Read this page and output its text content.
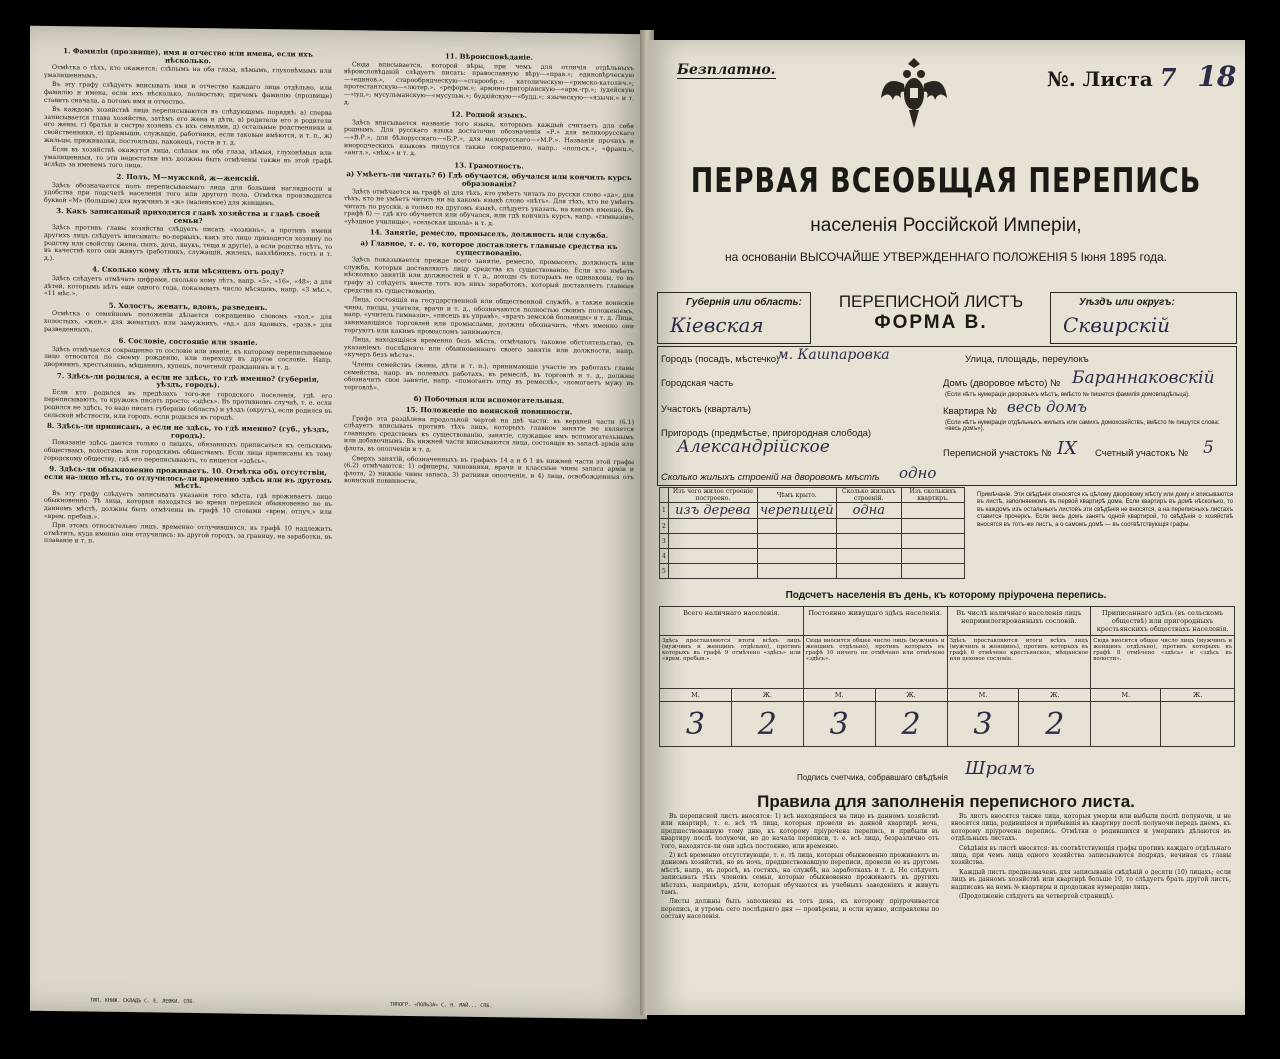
1. Фамилія (прозвище), имя и отчество или имена, если ихъ нѣсколько.

Отмѣтка о тѣхъ, кто окажется: слѣпымъ на оба глаза, нѣмымъ, глухонѣмымъ или умалишеннымъ.

Въ эту графу слѣдуетъ вписывать имя и отчество каждаго лица отдѣльно, или фамилію и имена, если ихъ нѣсколько, полностью; причемъ фамилію (прозвище) ставить сначала, а потомъ имя и отчество.

Въ каждомъ хозяйствѣ лица переписываются въ слѣдующемъ порядкѣ: а) сперва записывается глава хозяйства, затѣмъ его жена и дѣти, в) родители его и родители его жены. г) братья и сестры хозяевъ съ ихъ семьями, д) остальные родственники и свойственники, е) пріемыши, служащіе, работники, если таковые имѣются, и т. п., ж) жильцы, приживалки, постояльцы, наконецъ, гости и т. д.

Если въ хозяйствѣ окажутся лица, слѣпыя на оба глаза, нѣмыя, глухонѣмыя или умалишенныя, то эти недостатки ихъ должны быть отмѣчены также въ этой графѣ вслѣдъ за именемъ того лица.

2. Полъ, М—мужской, ж—женскій.

Здѣсь обозначается полъ переписываемаго лица для большей наглядности и удобства при подсчетѣ населенія того или другого пола. Отмѣтка производится буквой «М» (большое) для мужчинъ и «ж» (маленькое) для женщинъ.

3. Какъ записанный приходится главѣ хозяйства и главѣ своей семьи?

Здѣсь противъ главы хозяйства слѣдуетъ писать «хозяинъ», а противъ имени другихъ лицъ слѣдуетъ вписывать: во-первыхъ, какъ это лицо приходится хозяину по родству или свойству (жена, сынъ, дочь, внукъ, теща и другіе), а если родства нѣтъ, то въ качествѣ кого они живутъ (работникъ, служащій, жилецъ, нахлѣбникъ, гость и т. д.).

4. Сколько кому лѣтъ или мѣсяцевъ отъ роду?

Здѣсь слѣдуетъ отмѣчать цифрами, сколько кому лѣтъ, напр. «5», «16», «48»; а для дѣтей, которымъ нѣтъ еще одного года, показывать число мѣсяцевъ, напр. «3 мѣс.», «11 мѣс.».

5. Холостъ, женатъ, вдовъ, разведенъ.

Отмѣтка о семейномъ положеніи дѣлается сокращенно словомъ «хол.» для холостыхъ, «жен.» для женатыхъ или замужнихъ, «вд.» для вдовыхъ, «разв.» для разведенныхъ.

6. Сословіе, состояніе или званіе.

Здѣсь отмѣчается сокращенно то сословіе или званіе, къ которому переписываемое лицо относится по своему рожденію, или переходу въ другое сословіе. Напр. дворянинъ, крестьянинъ, мѣщанинъ, купецъ, почетный гражданинъ и т. д.

7. Здѣсь-ли родился, а если не здѣсь, то гдѣ именно? (губернія, уѣздъ, городъ).

Если кто родился въ предѣлахъ того-же городского поселенія, гдѣ его переписываютъ, то кружокъ писать просто: «здѣсь». Въ противномъ случаѣ, т. е. если родился не здѣсь, то надо писать губернію (область) и уѣздъ (округъ), если родился въ сельской мѣстности, или городъ, если родился въ городѣ.

8. Здѣсь-ли приписанъ, а если не здѣсь, то гдѣ именно? (губ., уѣздъ, городъ).

Показаніе здѣсь дается только о лицахъ, обязанныхъ приписаться къ сельскимъ обществамъ, волостямъ или городскимъ обществамъ. Если лица приписаны къ тому городскому обществу, гдѣ его переписываютъ, то пишется «здѣсь».

9. Здѣсь-ли обыкновенно проживаетъ. 10. Отмѣтка объ отсутствіи, если на-лицо нѣтъ, то отлучилось-ли временно здѣсь или въ другомъ мѣстѣ.

Въ эту графу слѣдуетъ записывать указанія того мѣста, гдѣ проживаетъ лицо обыкновенно. Тѣ лица, которыя находятся во время переписи обыкновенно не въ данномъ мѣстѣ, должны быть отмѣчены въ графѣ 10 словами «врем. отлуч.» или «врем. пребыв.».

При этомъ относительно лицъ, временно отлучившихся, въ графѣ 10 надлежитъ отмѣтить, куда именно они отлучились: въ другой городъ, за границу, на заработки, въ плаваніе и т. п.

11. Вѣроисповѣданіе.

Сюда вписывается, которой вѣры, при чемъ для отличія отдѣльныхъ вѣроисповѣданій слѣдуетъ писать: православную вѣру—«прав.»; единовѣрческую—«единов.», старообрядческую—«старообр.»; католическую—«римско-католич.»; протестантскую—«лютер.», «реформ.»; армяно-григоріанскую—«арм.-гр.»; іудейскую—«іуд.»; мусульманскую—«мусульм.»; буддійскую—«будд.»; языческую—«язычн.» и т. д.

12. Родной языкъ.

Здѣсь вписывается названіе того языка, которымъ каждый считаетъ для себя роднымъ. Для русскаго языка достаточно обозначенія «Р.» для великорусскаго—«В.Р.», для бѣлорусскаго—«Б.Р.», для малорусскаго—«М.Р.». Названія прочихъ и инородческихъ языковъ пишутся также сокращенно, напр.: «польск.», «франц.», «англ.», «нѣм.» и т. д.

13. Грамотность.
а) Умѣетъ-ли читать? б) Гдѣ обучается, обучался или кончилъ курсъ образованія?

Здѣсь отмѣчается вь графѣ а) для тѣхъ, кто умѣетъ читать по русски слово «да», для тѣхъ, кто не умѣетъ читать ни на какомъ языкѣ слово «нѣтъ». Для тѣхъ, кто не умѣетъ читать по русски, а только на другомъ языкѣ, слѣдуетъ указать, на какомъ именно. Въ графѣ б) — гдѣ кто обучается или обучался, или гдѣ кончилъ курсъ, напр. «гимназія», «уѣздное училище», «сельская школа» и т. д.

14. Занятіе, ремесло, промыселъ, должность или служба.
а) Главное, т. е. то, которое доставляетъ главные средства къ существованію.

Здѣсь показывается прежде всего занятіе, ремесло, промыселъ, должность или служба, которыя доставляютъ лицу средства къ существованію. Если кто имѣетъ нѣсколько занятій или должностей и т. д., доходы съ которыхъ не одинаковы, то въ графу а) слѣдуетъ внести тотъ изъ нихъ заработокъ, который доставляетъ главныя средства къ существованію.

Лица, состоящія на государственной или общественной службѣ, а также воинскіе чины, писцы, учителя, врачи и т. д., обозначаются полностью своимъ положеніемъ, напр. «учитель гимназіи», «писецъ въ управѣ», «врачъ земской больницы» и т. д. Лица, занимающіяся торговлей или промыслами, должны обозначить, чѣмъ именно они торгуютъ или какимъ промысломъ занимаются.

Лица, находящіяся временно безъ мѣста, отмѣчаютъ таковое обстоятельство, съ указаніемъ послѣдняго или обыкновеннаго своего занятія или должности, напр. «кучеръ безъ мѣста».

Члены семействъ (жены, дѣти и т. п.), принимающіе участіе въ работахъ главы семейства, напр. въ полевыхъ работахъ, въ ремеслѣ, въ торговлѣ и т. д., должны обозначить свое занятіе, напр. «помогаетъ отцу въ ремеслѣ», «помогаетъ мужу въ торговлѣ».

б) Побочныя или вспомогательныя.
15. Положеніе по воинской повинности.

Графа эта раздѣлена продольной чертой на двѣ части: въ верхней части (6.1) слѣдуетъ вписывать противъ тѣхъ лицъ, которыхъ главное занятіе не является главнымъ средствомъ къ существованію, занятіе, служащее имъ вспомогательнымъ или добавочнымъ. Въ нижней части вписываются лица, состоящія въ запасѣ армiи или флота, въ ополченіи и т. д.

Сверхъ занятій, обозначенныхъ въ графахъ 14 а и б 1 въ нижней части этой графы (6.2) отмѣчаются: 1) офицеры, чиновники, врачи и классные чины запаса арміи и флота, 2) нижніе чины запаса, 3) ратники ополченія, и 4) лица, освобожденныя отъ воинской повинности.

ТИП. КНИЖ. СКЛАДЪ С. Е. ЛЕВКИ. СПБ.
ТИПОГР. «ПОЛЬЗА» С. Н. МАЙ... СПБ.
Безплатно.	№. Листа 7 18
ПЕРВАЯ ВСЕОБЩАЯ ПЕРЕПИСЬ
населенія Россійской Имперіи,
на основаніи ВЫСОЧАЙШЕ УТВЕРЖДЕННАГО ПОЛОЖЕНІЯ 5 Іюня 1895 года.
Губернія или область:
Кіевская
ПЕРЕПИСНОЙ ЛИСТЪ
ФОРМА В.
Уѣздъ или округъ:
Сквирскій
Городъ (посадъ, мѣстечко)
м. Кашпаровка	Улица, площадь, переулокъ
Городская часть	Домъ (дворовое мѣсто) № Бараннаковскій
(Если нѣтъ нумераціи дворовыхъ мѣстъ, вмѣсто № пишется фамилія домовладѣльца).
Участокъ (кварталъ)	Квартира № весь домъ
(Если нѣтъ нумераціи отдѣльныхъ жилыхъ или самихъ домохозяйствъ, вмѣсто № пишутся слова: «весь домъ»).
Пригородъ (предмѣстье, пригородная слобода)
Александрійское	Переписной участокъ № IX Счетный участокъ № 5
Сколько жилыхъ строеній на дворовомъ мѣстѣ одно
	Изъ чего жилое строеніе построено.	Чѣмъ крыто.	Сколько жилыхъ строеній.	Изъ сколькихъ квартиръ.
1	изъ дерева	черепицей	одна	
2				
3				
4				
5				
Примѣчаніе. Эти свѣдѣнія относятся къ цѣлому дворовому мѣсту или дому и вписываются въ листѣ, заполняемомъ въ первой квартирѣ дома. Если квартиръ въ домѣ нѣсколько, то въ каждомъ изъ остальныхъ листовъ эти свѣдѣнія не вносятся, а на переписныхъ листахъ ставится прочеркъ. Если весь домъ занятъ одной квартирой, то свѣдѣнія о хозяйствѣ вносятся въ тотъ-же листъ, а о самомъ домѣ — въ соотвѣтствующія графы.
Подсчетъ населенія въ день, къ которому пріурочена перепись.
Всего наличнаго населенія.		Постоянно живущаго здѣсь населенія.		Въ числѣ наличнаго населенія лицъ непривилегированныхъ сословій.		Приписаннаго здѣсь (въ сельскомъ обществѣ) или пригородныхъ крестьянскихъ обществахъ населенія.	
Здѣсь проставляются итоги всѣхъ лицъ (мужчинъ и женщинъ отдѣльно), противъ которыхъ въ графѣ 9 отмѣчено «здѣсь» или «врем. пребыв.».		Сюда вносится общее число лицъ (мужчинъ и женщинъ отдѣльно), противъ которыхъ въ графѣ 10 ничего не отмѣчено или отмѣчено «здѣсь».		Здѣсь проставляются итоги всѣхъ лицъ (мужчинъ и женщинъ), противъ которыхъ въ графѣ 6 отмѣчено крестьянское, мѣщанское или цеховое сословіе.		Сюда вносится общее число лицъ (мужчинъ и женщинъ отдѣльно), противъ которыхъ въ графѣ 8 отмѣчено «здѣсь» и «здѣсь въ волости».	
М.	Ж.	М.	Ж.	М.	Ж.	М.	Ж.
3	2	3	2	3	2		
Подпись счетчика, собравшаго свѣдѣнія Шрамъ
Правила для заполненія переписного листа.

Въ переписной листъ вносятся: 1) всѣ находящіеся на лицо въ данномъ хозяйствѣ или квартирѣ, т. е. всѣ тѣ лица, которыя провели въ данной квартирѣ ночь, предшествовавшую тому дню, къ которому пріурочена перепись, и прибыли въ квартиру послѣ полуночи, но до начала переписи, т. е. всѣ лица, безразлично отъ того, находятся-ли они здѣсь постоянно, или временно.

2) всѣ временно отсутствующіе, т. е. тѣ лица, которыя обыкновенно проживаютъ въ данномъ хозяйствѣ, но въ ночь, предшествовавшую переписи, провели ее въ другомъ мѣстѣ, напр., въ дорогѣ, въ гостяхъ, на службѣ, на заработкахъ и т. д. Не слѣдуетъ записывать тѣхъ членовъ семьи, которые обыкновенно проживаютъ въ другихъ мѣстахъ, напримѣръ, дѣти, которыя обучаются въ учебныхъ заведеніяхъ и живутъ тамъ.

Листы должны быть заполнены въ тотъ день, къ которому пріурочивается перепись, и утромъ сего послѣдняго дня — провѣрены, и если нужно, исправлены по составу населенія.

Въ листъ вносятся также лица, которыя умерли или выбыли послѣ полуночи, и не вносятся лица, родившіяся и прибывшія въ квартиру послѣ полуночи передъ днемъ, къ которому пріурочена перепись. Отмѣтки о родившихся и умершихъ дѣлаются въ отдѣльныхъ листахъ.

Свѣдѣнія въ листѣ вносятся: въ соотвѣтствующія графы противъ каждаго отдѣльнаго лица, при чемъ лица одного хозяйства записываются подрядъ, начиная съ главы хозяйства.

Каждый листъ предназначенъ для записыванія свѣдѣній о десяти (10) лицахъ; если лицъ въ данномъ хозяйствѣ или квартирѣ больше 10, то слѣдуетъ брать другой листъ, надписавъ на немъ № квартиры и продолжая нумерацію лицъ.

(Продолженіе слѣдуетъ на четвертой страницѣ).
